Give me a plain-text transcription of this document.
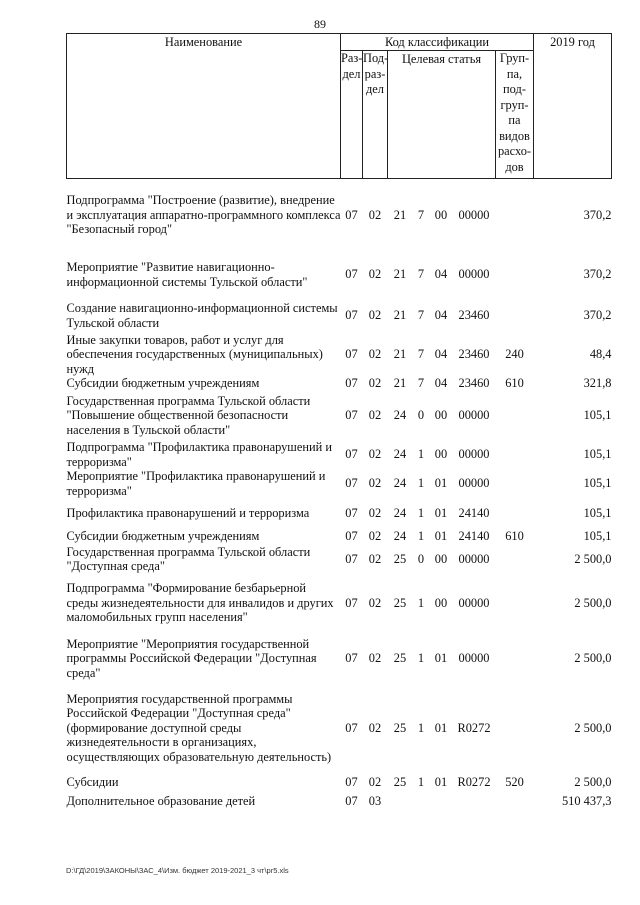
89
Наименование	Код классификации							2019 год

	Раз-дел	Под-раз-дел	Целевая статья				Груп-па, под-груп-па видов расхо-дов	

Подпрограмма "Построение (развитие), внедрение и эксплуатация аппаратно-программного комплекса "Безопасный город"	07	02	21	7	00	00000		370,2
Мероприятие "Развитие навигационно-информационной системы Тульской области"	07	02	21	7	04	00000		370,2
Создание навигационно-информационной системы Тульской области	07	02	21	7	04	23460		370,2
Иные закупки товаров, работ и услуг для обеспечения государственных (муниципальных) нужд	07	02	21	7	04	23460	240	48,4
Субсидии бюджетным учреждениям	07	02	21	7	04	23460	610	321,8
Государственная программа Тульской области "Повышение общественной безопасности населения в Тульской области"	07	02	24	0	00	00000		105,1
Подпрограмма "Профилактика правонарушений и терроризма"	07	02	24	1	00	00000		105,1
Мероприятие "Профилактика правонарушений и терроризма"	07	02	24	1	01	00000		105,1
Профилактика правонарушений и терроризма	07	02	24	1	01	24140		105,1
Субсидии бюджетным учреждениям	07	02	24	1	01	24140	610	105,1
Государственная программа Тульской области "Доступная среда"	07	02	25	0	00	00000		2 500,0
Подпрограмма "Формирование безбарьерной среды жизнедеятельности для инвалидов и других маломобильных групп населения"	07	02	25	1	00	00000		2 500,0
Мероприятие "Мероприятия государственной программы Российской Федерации "Доступная среда"	07	02	25	1	01	00000		2 500,0
Мероприятия государственной программы Российской Федерации "Доступная среда" (формирование доступной среды жизнедеятельности в организациях, осуществляющих образовательную деятельность)	07	02	25	1	01	R0272		2 500,0
Субсидии	07	02	25	1	01	R0272	520	2 500,0
Дополнительное образование детей	07	03						510 437,3
D:\ГД\2019\ЗАКОНЫ\ЗАС_4\Изм. бюджет 2019-2021_3 чт\pr5.xls
